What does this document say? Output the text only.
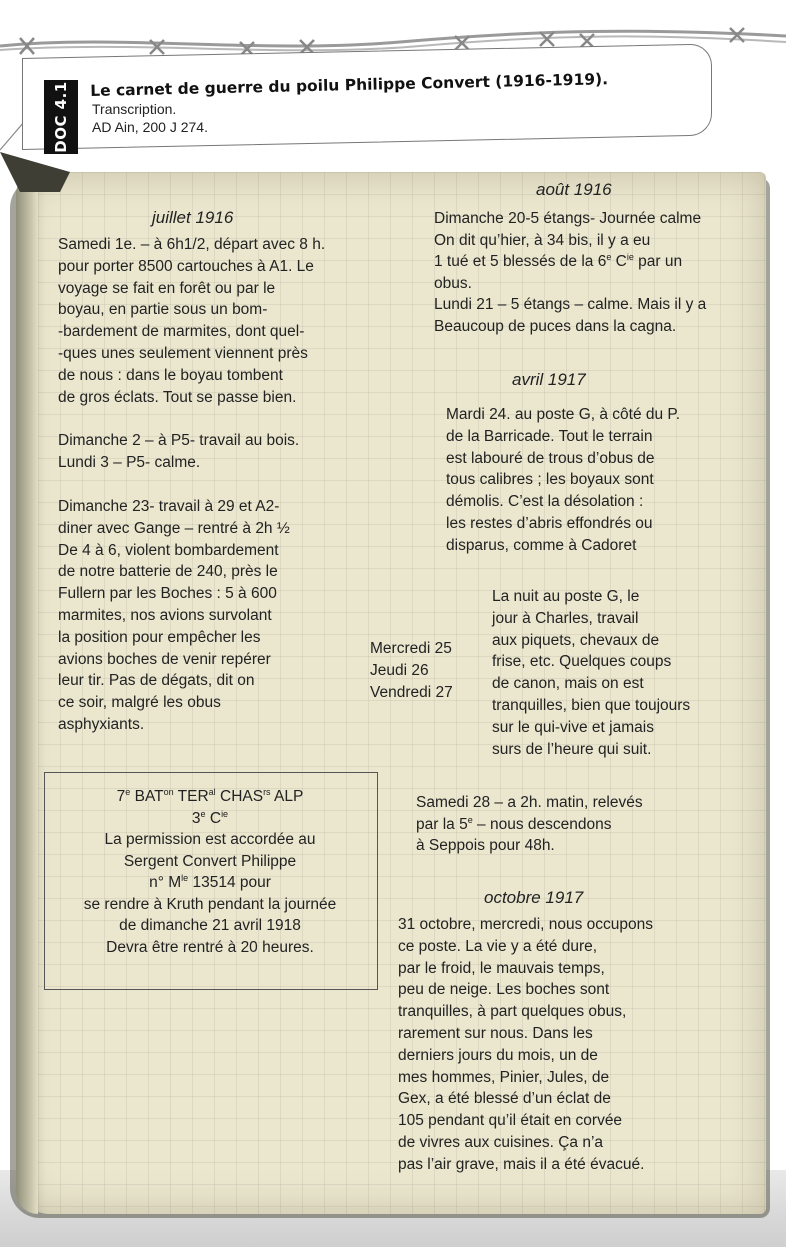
DOC 4.1 Le carnet de guerre du poilu Philippe Convert (1916-1919).
Transcription.
AD Ain, 200 J 274.
juillet 1916
Samedi 1e. – à 6h1/2, départ avec 8 h.
pour porter 8500 cartouches à A1. Le
voyage se fait en forêt ou par le
boyau, en partie sous un bom-
-bardement de marmites, dont quel-
-ques unes seulement viennent près
de nous : dans le boyau tombent
de gros éclats. Tout se passe bien.
Dimanche 2 – à P5- travail au bois.
Lundi 3 – P5- calme.
Dimanche 23- travail à 29 et A2-
diner avec Gange – rentré à 2h ½
De 4 à 6, violent bombardement
de notre batterie de 240, près le
Fullern par les Boches : 5 à 600
marmites, nos avions survolant
la position pour empêcher les
avions boches de venir repérer
leur tir. Pas de dégats, dit on
ce soir, malgré les obus
asphyxiants.
7e $BAT^{on}$ $TER^{al}$ $CHAS^{rs}$ ALP
3e $C^{ie}$
La permission est accordée au
Sergent Convert Philippe
n° $M^{le}$ 13514 pour
se rendre à Kruth pendant la journée
de dimanche 21 avril 1918
Devra être rentré à 20 heures.
août 1916
Dimanche 20-5 étangs- Journée calme
On dit qu’hier, à 34 bis, il y a eu
1 tué et 5 blessés de la 6e $C^{ie}$ par un
obus.
Lundi 21 – 5 étangs – calme. Mais il y a
Beaucoup de puces dans la cagna.
avril 1917
Mardi 24. au poste G, à côté du P.
de la Barricade. Tout le terrain
est labouré de trous d’obus de
tous calibres ; les boyaux sont
démolis. C’est la désolation :
les restes d’abris effondrés ou
disparus, comme à Cadoret
Mercredi 25
Jeudi 26
Vendredi 27
La nuit au poste G, le
jour à Charles, travail
aux piquets, chevaux de
frise, etc. Quelques coups
de canon, mais on est
tranquilles, bien que toujours
sur le qui-vive et jamais
surs de l’heure qui suit.
Samedi 28 – a 2h. matin, relevés
par la 5e – nous descendons
à Seppois pour 48h.
octobre 1917
31 octobre, mercredi, nous occupons
ce poste. La vie y a été dure,
par le froid, le mauvais temps,
peu de neige. Les boches sont
tranquilles, à part quelques obus,
rarement sur nous. Dans les
derniers jours du mois, un de
mes hommes, Pinier, Jules, de
Gex, a été blessé d’un éclat de
105 pendant qu’il était en corvée
de vivres aux cuisines. Ça n’a
pas l’air grave, mais il a été évacué.
